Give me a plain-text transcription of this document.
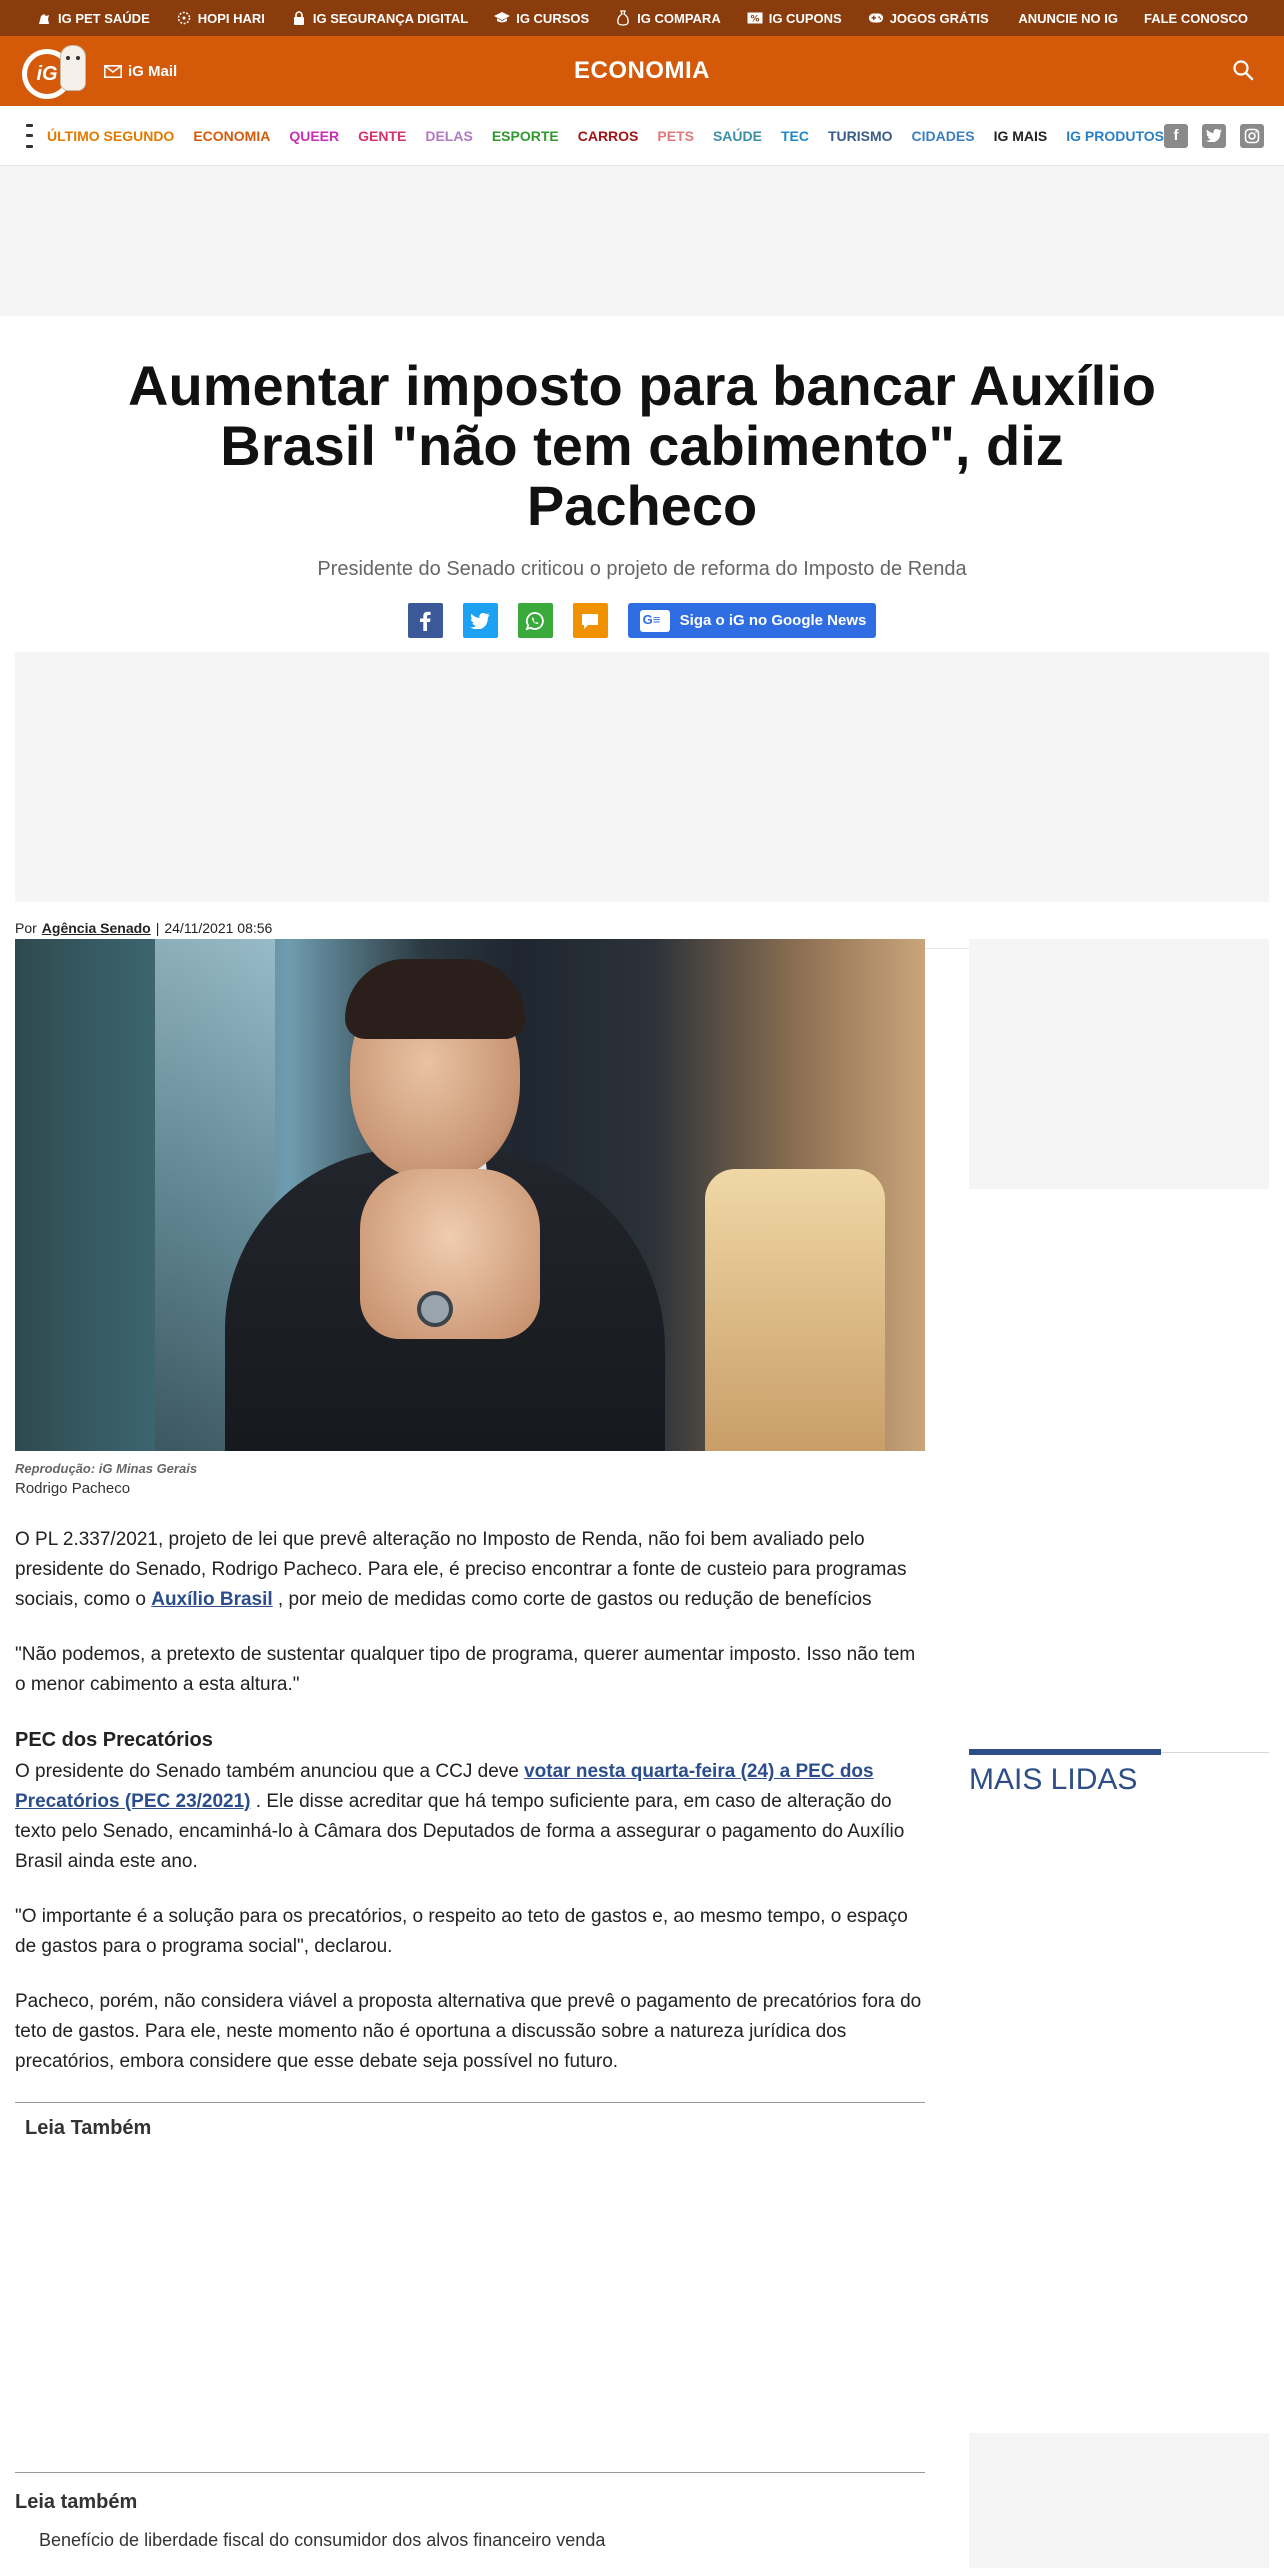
IG PET SAÚDE	HOPI HARI	IG SEGURANÇA DIGITAL	IG CURSOS	IG COMPARA	% IG CUPONS	JOGOS GRÁTIS ANUNCIE NO IG FALE CONOSCO
iG	iG Mail	ECONOMIA
ÚLTIMO SEGUNDO ECONOMIA QUEER GENTE DELAS ESPORTE CARROS PETS SAÚDE TEC TURISMO CIDADES IG MAIS IG PRODUTOS f
Aumentar imposto para bancar Auxílio Brasil "não tem cabimento", diz Pacheco
Presidente do Senado criticou o projeto de reforma do Imposto de Renda
G≡
Siga o iG no Google News
Por Agência Senado | 24/11/2021 08:56
Reprodução: iG Minas Gerais
Rodrigo Pacheco

O PL 2.337/2021, projeto de lei que prevê alteração no Imposto de Renda, não foi bem avaliado pelo presidente do Senado, Rodrigo Pacheco. Para ele, é preciso encontrar a fonte de custeio para programas sociais, como o Auxílio Brasil , por meio de medidas como corte de gastos ou redução de benefícios

"Não podemos, a pretexto de sustentar qualquer tipo de programa, querer aumentar imposto. Isso não tem o menor cabimento a esta altura."

PEC dos Precatórios

O presidente do Senado também anunciou que a CCJ deve votar nesta quarta-feira (24) a PEC dos Precatórios (PEC 23/2021) . Ele disse acreditar que há tempo suficiente para, em caso de alteração do texto pelo Senado, encaminhá-lo à Câmara dos Deputados de forma a assegurar o pagamento do Auxílio Brasil ainda este ano.

"O importante é a solução para os precatórios, o respeito ao teto de gastos e, ao mesmo tempo, o espaço de gastos para o programa social", declarou.

Pacheco, porém, não considera viável a proposta alternativa que prevê o pagamento de precatórios fora do teto de gastos. Para ele, neste momento não é oportuna a discussão sobre a natureza jurídica dos precatórios, embora considere que esse debate seja possível no futuro.

Leia Também
Leia também
Benefício de liberdade fiscal do consumidor dos alvos financeiro venda
MAIS LIDAS
